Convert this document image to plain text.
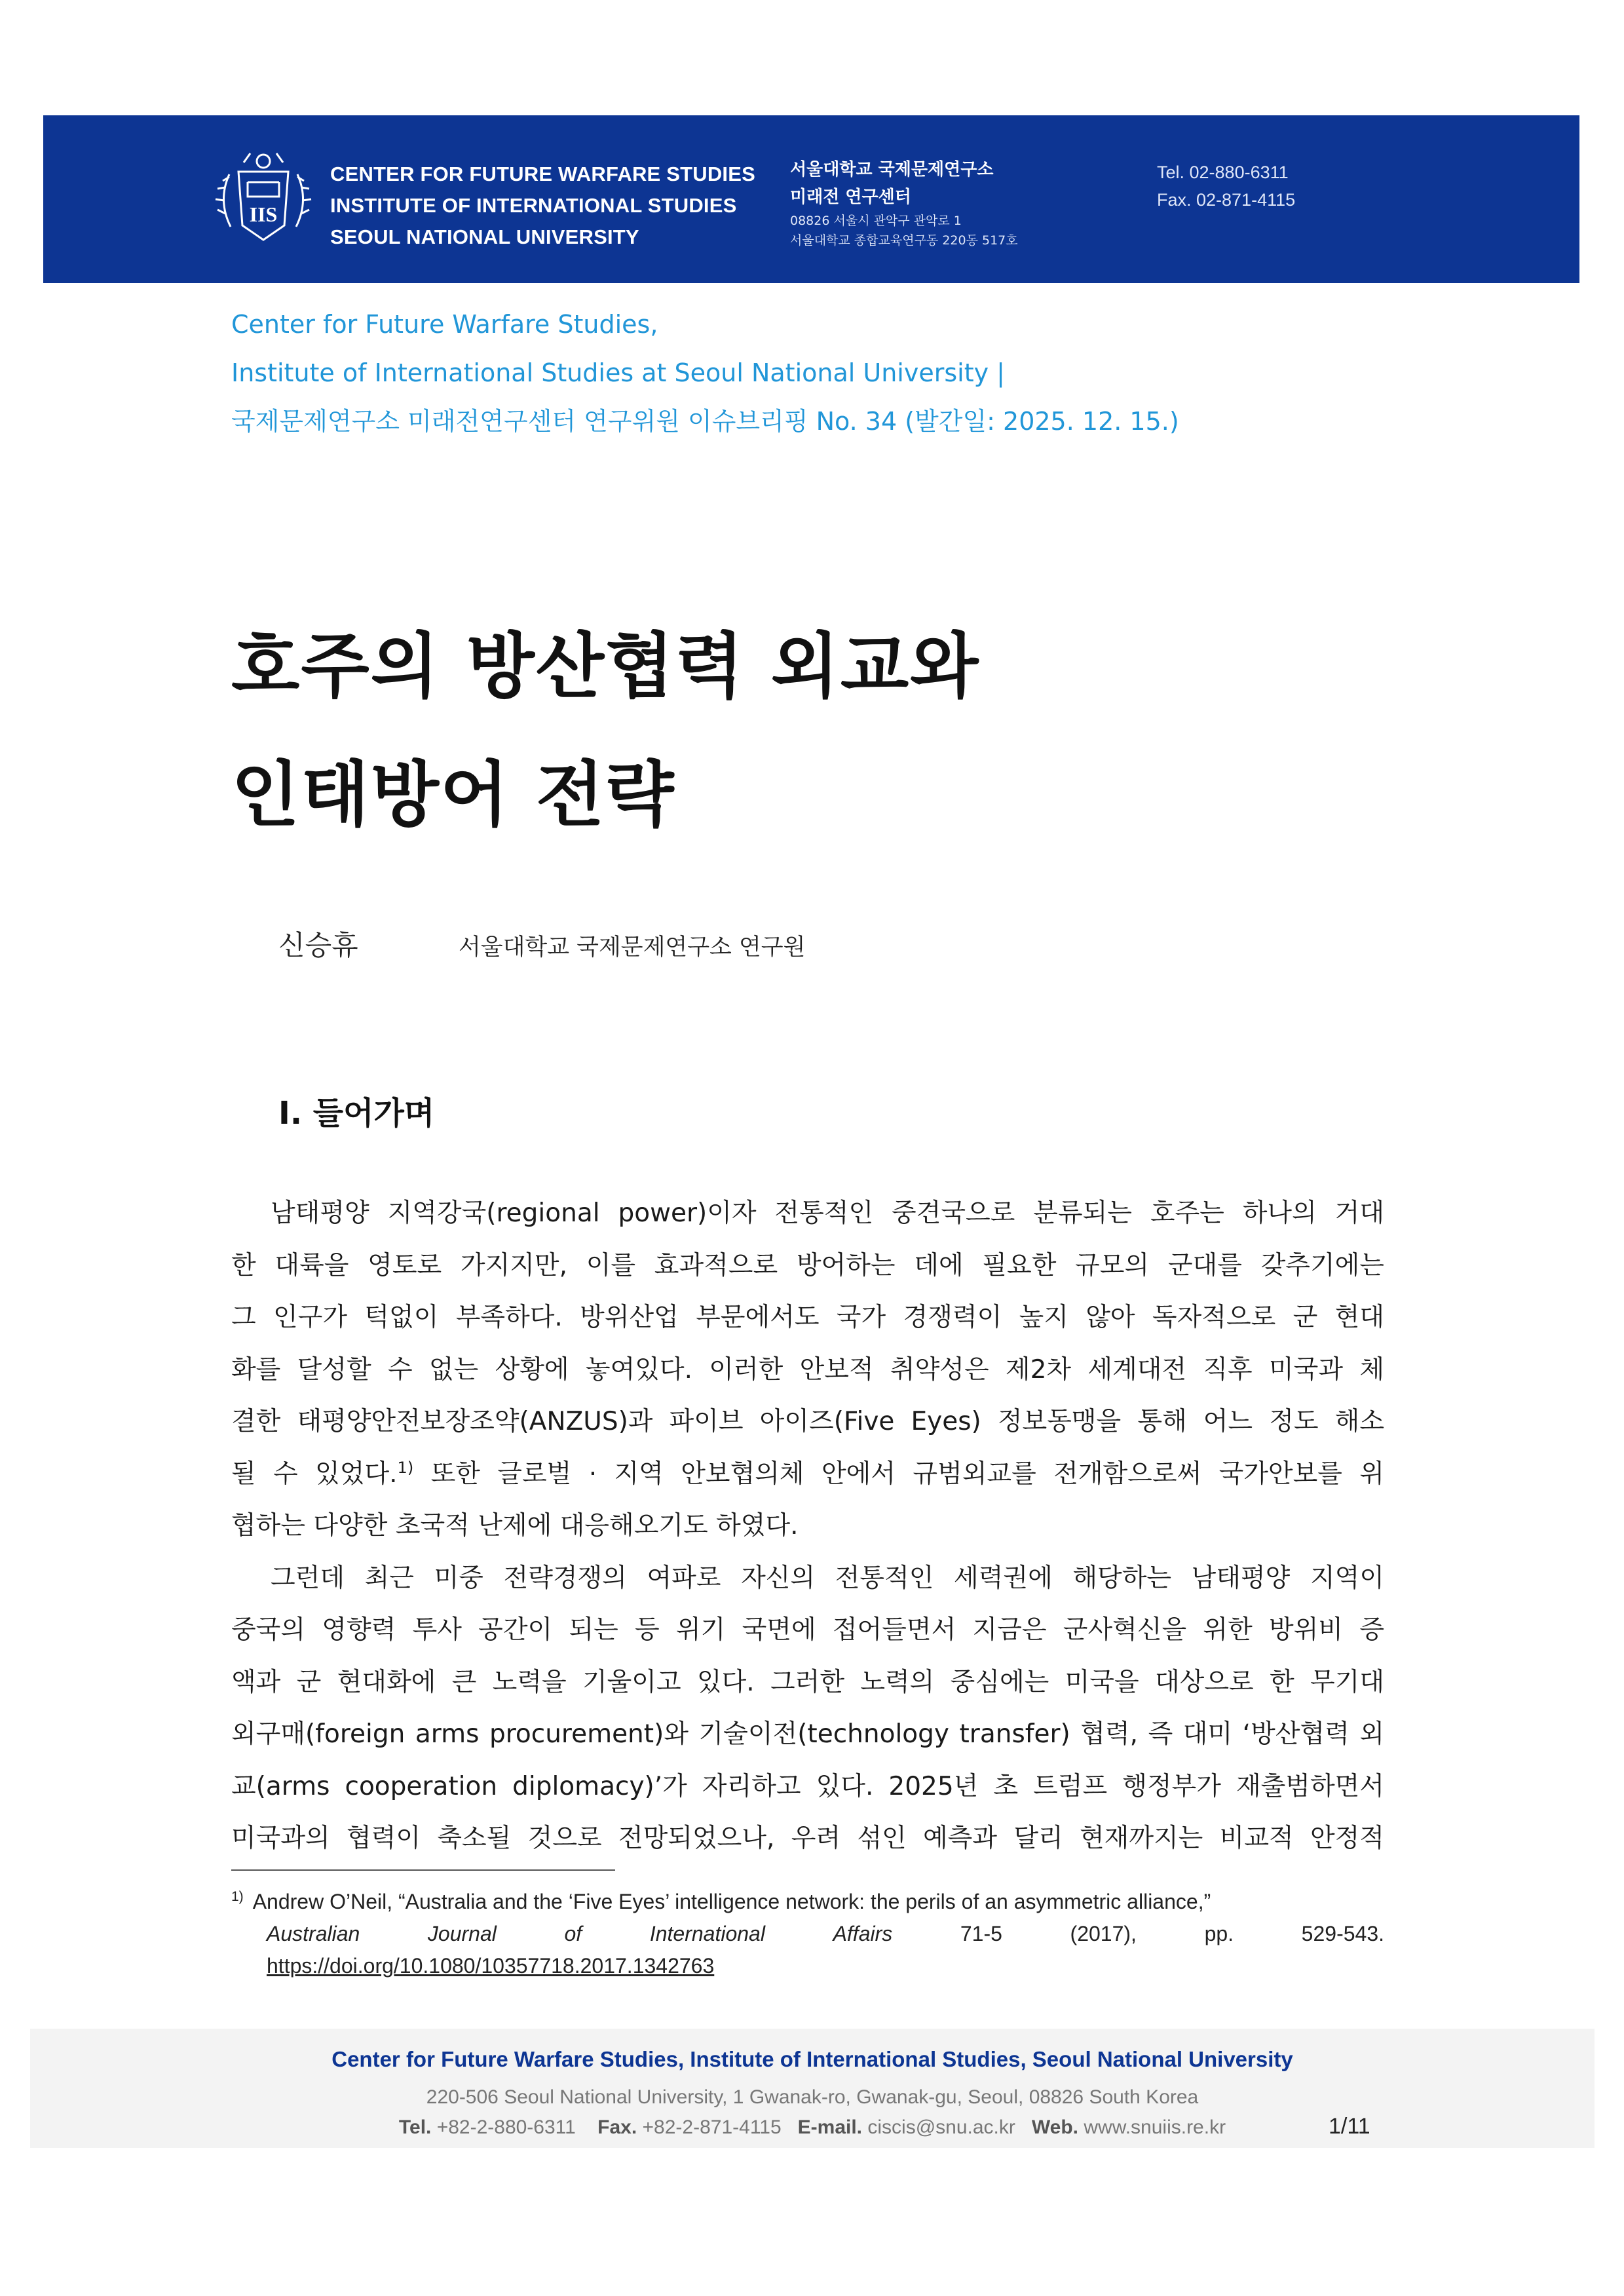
IIS
CENTER FOR FUTURE WARFARE STUDIES
INSTITUTE OF INTERNATIONAL STUDIES
SEOUL NATIONAL UNIVERSITY
서울대학교 국제문제연구소
미래전 연구센터
08826 서울시 관악구 관악로 1
서울대학교 종합교육연구동 220동 517호
Tel. 02-880-6311
Fax. 02-871-4115
Center for Future Warfare Studies,
Institute of International Studies at Seoul National University |
국제문제연구소 미래전연구센터 연구위원 이슈브리핑 No. 34 (발간일: 2025. 12. 15.)
호주의 방산협력 외교와
인태방어 전략
신승휴	서울대학교 국제문제연구소 연구원
Ⅰ. 들어가며
남태평양 지역강국(regional power)이자 전통적인 중견국으로 분류되는 호주는 하나의 거대
한 대륙을 영토로 가지지만, 이를 효과적으로 방어하는 데에 필요한 규모의 군대를 갖추기에는
그 인구가 턱없이 부족하다. 방위산업 부문에서도 국가 경쟁력이 높지 않아 독자적으로 군 현대
화를 달성할 수 없는 상황에 놓여있다. 이러한 안보적 취약성은 제2차 세계대전 직후 미국과 체
결한 태평양안전보장조약(ANZUS)과 파이브 아이즈(Five Eyes) 정보동맹을 통해 어느 정도 해소
될 수 있었다.$^{1)}$ 또한 글로벌 · 지역 안보협의체 안에서 규범외교를 전개함으로써 국가안보를 위
협하는 다양한 초국적 난제에 대응해오기도 하였다.
그런데 최근 미중 전략경쟁의 여파로 자신의 전통적인 세력권에 해당하는 남태평양 지역이
중국의 영향력 투사 공간이 되는 등 위기 국면에 접어들면서 지금은 군사혁신을 위한 방위비 증
액과 군 현대화에 큰 노력을 기울이고 있다. 그러한 노력의 중심에는 미국을 대상으로 한 무기대
외구매(foreign arms procurement)와 기술이전(technology transfer) 협력, 즉 대미 ‘방산협력 외
교(arms cooperation diplomacy)’가 자리하고 있다. 2025년 초 트럼프 행정부가 재출범하면서
미국과의 협력이 축소될 것으로 전망되었으나, 우려 섞인 예측과 달리 현재까지는 비교적 안정적
$^{1)}$ Andrew O’Neil, “Australia and the ‘Five Eyes’ intelligence network: the perils of an asymmetric alliance,”
Australian	Journal	of	International	Affairs	71-5	(2017),	pp.	529-543.
https://doi.org/10.1080/10357718.2017.1342763
Center for Future Warfare Studies, Institute of International Studies, Seoul National University
220-506 Seoul National University, 1 Gwanak-ro, Gwanak-gu, Seoul, 08826 South Korea
Tel. +82-2-880-6311 Fax. +82-2-871-4115 E-mail. ciscis@snu.ac.kr Web. www.snuiis.re.kr	1/11
